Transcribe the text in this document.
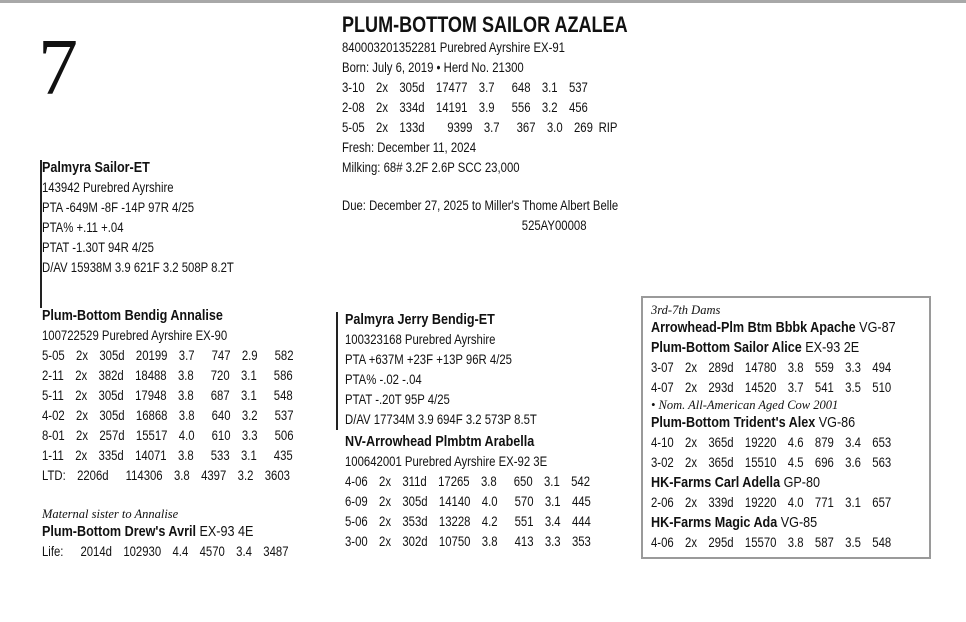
7	PLUM-BOTTOM SAILOR AZALEA
840003201352281 Purebred Ayrshire EX-91
Born: July 6, 2019 • Herd No. 21300
3-10  2x  305d  17477  3.7   648  3.1  537
2-08  2x  334d  14191  3.9   556  3.2  456
5-05  2x  133d    9399  3.7   367  3.0  269 RIP
Fresh: December 11, 2024
Milking: 68# 3.2F 2.6P SCC 23,000
Due: December 27, 2025 to Miller's Thome Albert Belle
525AY00008
Palmyra Sailor-ET
143942 Purebred Ayrshire
PTA -649M -8F -14P 97R 4/25
PTA% +.11 +.04
PTAT -1.30T 94R 4/25
D/AV 15938M 3.9 621F 3.2 508P 8.2T
Plum-Bottom Bendig Annalise
100722529 Purebred Ayrshire EX-90
5-05  2x  305d  20199  3.7   747  2.9   582
2-11  2x  382d  18488  3.8   720  3.1   586
5-11  2x  305d  17948  3.8   687  3.1   548
4-02  2x  305d  16868  3.8   640  3.2   537
8-01  2x  257d  15517  4.0   610  3.3   506
1-11  2x  335d  14071  3.8   533  3.1   435
LTD:  2206d   114306  3.8  4397  3.2  3603
Maternal sister to Annalise
Plum-Bottom Drew's Avril EX-93 4E
Life:   2014d  102930  4.4  4570  3.4  3487
Palmyra Jerry Bendig-ET
100323168 Purebred Ayrshire
PTA +637M +23F +13P 96R 4/25
PTA% -.02 -.04
PTAT -.20T 95P 4/25
D/AV 17734M 3.9 694F 3.2 573P 8.5T
NV-Arrowhead Plmbtm Arabella
100642001 Purebred Ayrshire EX-92 3E
4-06  2x  311d  17265  3.8   650  3.1  542
6-09  2x  305d  14140  4.0   570  3.1  445
5-06  2x  353d  13228  4.2   551  3.4  444
3-00  2x  302d  10750  3.8   413  3.3  353
3rd-7th Dams
Arrowhead-Plm Btm Bbbk Apache VG-87
Plum-Bottom Sailor Alice EX-93 2E
3-07  2x  289d  14780  3.8  559  3.3  494
4-07  2x  293d  14520  3.7  541  3.5  510
• Nom. All-American Aged Cow 2001
Plum-Bottom Trident's Alex VG-86
4-10  2x  365d  19220  4.6  879  3.4  653
3-02  2x  365d  15510  4.5  696  3.6  563
HK-Farms Carl Adella GP-80
2-06  2x  339d  19220  4.0  771  3.1  657
HK-Farms Magic Ada VG-85
4-06  2x  295d  15570  3.8  587  3.5  548
